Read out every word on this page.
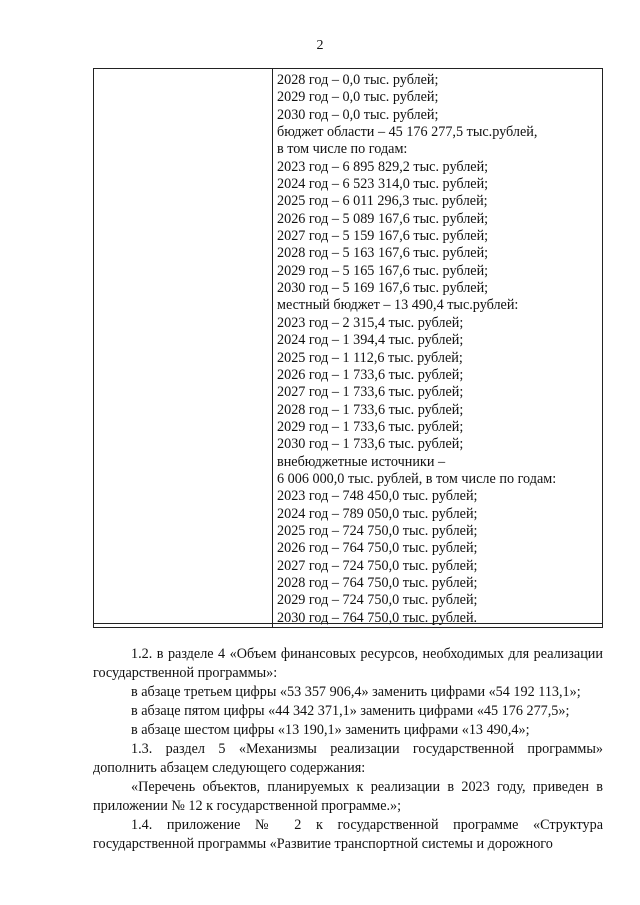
2
2028 год – 0,0 тыс. рублей;
2029 год – 0,0 тыс. рублей;
2030 год – 0,0 тыс. рублей;
бюджет области – 45 176 277,5 тыс.рублей,
в том числе по годам:
2023 год – 6 895 829,2 тыс. рублей;
2024 год – 6 523 314,0 тыс. рублей;
2025 год – 6 011 296,3 тыс. рублей;
2026 год – 5 089 167,6 тыс. рублей;
2027 год – 5 159 167,6 тыс. рублей;
2028 год – 5 163 167,6 тыс. рублей;
2029 год – 5 165 167,6 тыс. рублей;
2030 год – 5 169 167,6 тыс. рублей;
местный бюджет – 13 490,4 тыс.рублей:
2023 год – 2 315,4 тыс. рублей;
2024 год – 1 394,4 тыс. рублей;
2025 год – 1 112,6 тыс. рублей;
2026 год – 1 733,6 тыс. рублей;
2027 год – 1 733,6 тыс. рублей;
2028 год – 1 733,6 тыс. рублей;
2029 год – 1 733,6 тыс. рублей;
2030 год – 1 733,6 тыс. рублей;
внебюджетные источники –
6 006 000,0 тыс. рублей, в том числе по годам:
2023 год – 748 450,0 тыс. рублей;
2024 год – 789 050,0 тыс. рублей;
2025 год – 724 750,0 тыс. рублей;
2026 год – 764 750,0 тыс. рублей;
2027 год – 724 750,0 тыс. рублей;
2028 год – 764 750,0 тыс. рублей;
2029 год – 724 750,0 тыс. рублей;
2030 год – 764 750,0 тыс. рублей.

1.2. в разделе 4 «Объем финансовых ресурсов, необходимых для реализации государственной программы»:

в абзаце третьем цифры «53 357 906,4» заменить цифрами «54 192 113,1»;

в абзаце пятом цифры «44 342 371,1» заменить цифрами «45 176 277,5»;

в абзаце шестом цифры «13 190,1» заменить цифрами «13 490,4»;

1.3. раздел 5 «Механизмы реализации государственной программы» дополнить абзацем следующего содержания:

«Перечень объектов, планируемых к реализации в 2023 году, приведен в приложении № 12 к государственной программе.»;

1.4. приложение № 2 к государственной программе «Структура государственной программы «Развитие транспортной системы и дорожного
